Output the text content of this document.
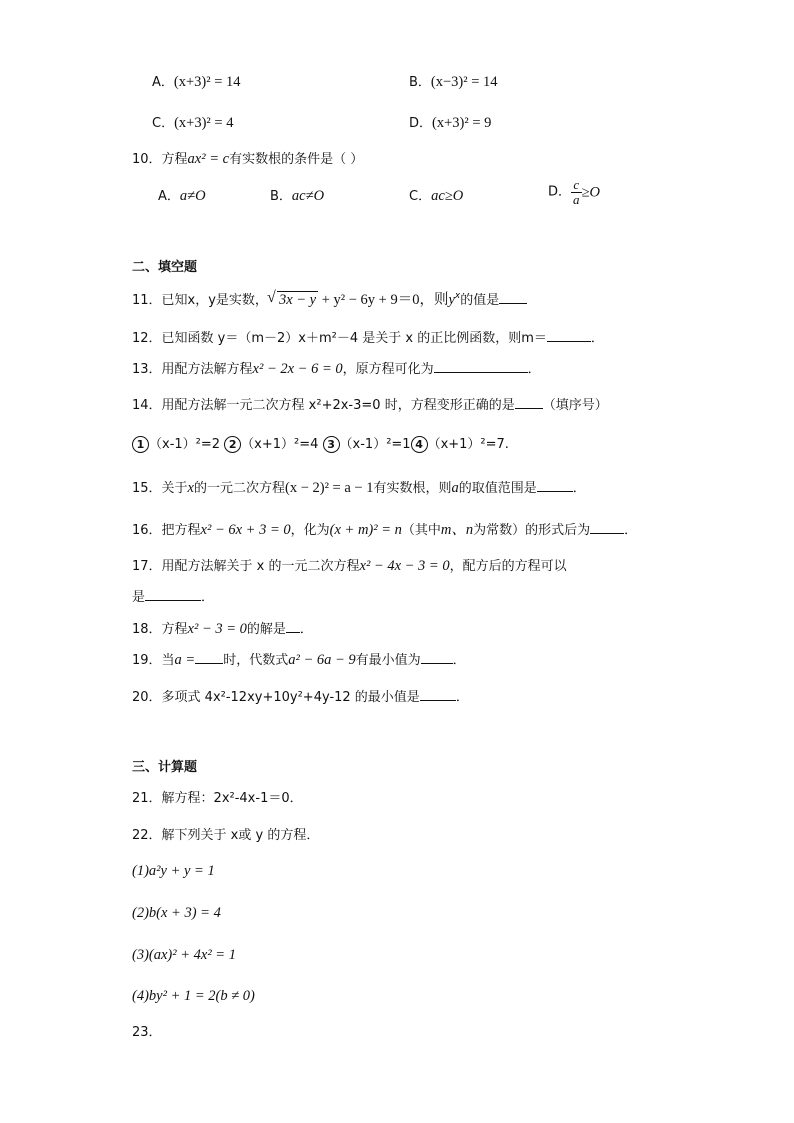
A．(x+3)² = 14	B．(x−3)² = 14
C．(x+3)² = 4	D．(x+3)² = 9
10．方程ax² = c有实数根的条件是（ ）
A．a≠O	B．ac≠O	C．ac≥O	D． $\frac{c}{a} \ge O$
二、填空题
11．已知x，y是实数，√ 3x − y + y² − 6y + 9＝0，则$y^x$的值是
12．已知函数 y＝（m－2）x＋m²－4 是关于 x 的正比例函数，则m＝	．
13．用配方法解方程x² − 2x − 6 = 0，原方程可化为	．
14．用配方法解一元二次方程 x²+2x-3=0 时，方程变形正确的是 （填序号）
1 （x-1）²=2 2 （x+1）²=4 3 （x-1）²=1 4 （x+1）²=7.
15．关于x的一元二次方程(x − 2)² = a − 1有实数根，则a的取值范围是	．
16．把方程x² − 6x + 3 = 0，化为(x + m)² = n（其中m、n为常数）的形式后为	．
17．用配方法解关于 x 的一元二次方程x² − 4x − 3 = 0，配方后的方程可以
是	．
18．方程x² − 3 = 0的解是 ．
19．当a = 时，代数式a² − 6a − 9有最小值为 ．
20．多项式 4x²-12xy+10y²+4y-12 的最小值是	．
三、计算题
21．解方程：2x²-4x-1＝0．
22．解下列关于 x或 y 的方程．
(1)a²y + y = 1
(2)b(x + 3) = 4
(3)(ax)² + 4x² = 1
(4)by² + 1 = 2(b ≠ 0)
23．
